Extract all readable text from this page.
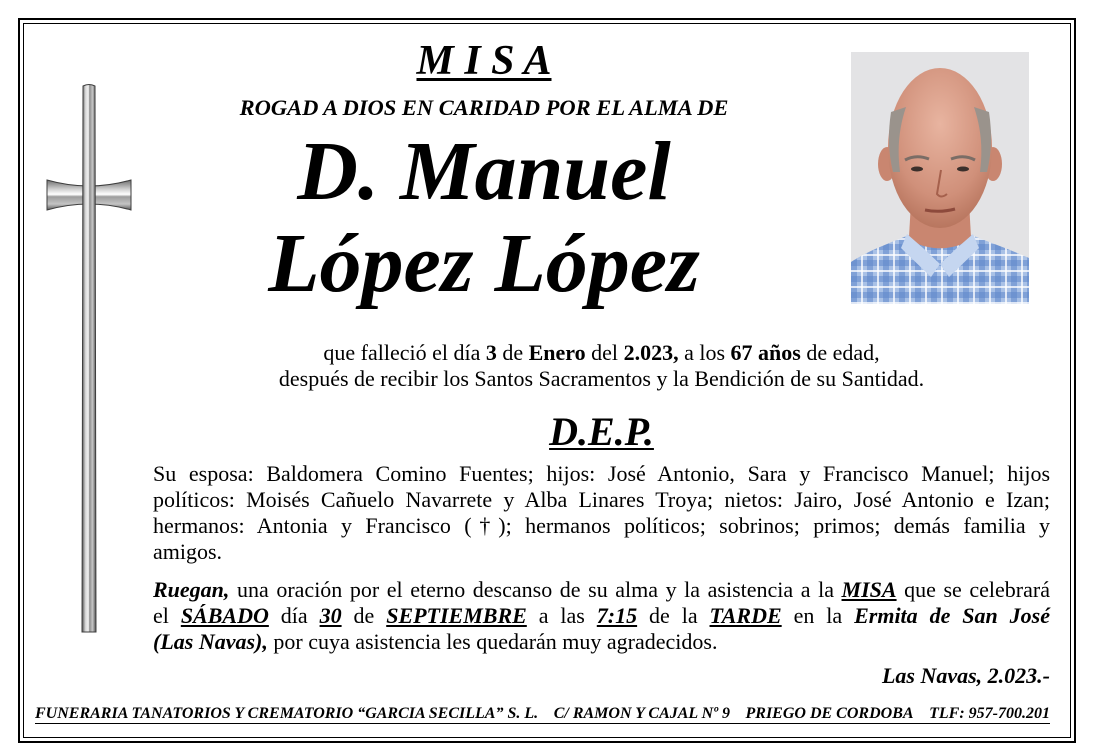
M I S A
ROGAD A DIOS EN CARIDAD POR EL ALMA DE
D. Manuel
López López
que falleció el día 3 de Enero del 2.023, a los 67 años de edad,
después de recibir los Santos Sacramentos y la Bendición de su Santidad.
D.E.P.
Su esposa: Baldomera Comino Fuentes; hijos: José Antonio, Sara y Francisco Manuel; hijos
políticos: Moisés Cañuelo Navarrete y Alba Linares Troya; nietos: Jairo, José Antonio e Izan;
hermanos: Antonia y Francisco (†); hermanos políticos; sobrinos; primos; demás familia y
amigos.
Ruegan, una oración por el eterno descanso de su alma y la asistencia a la MISA que se celebrará
el SÁBADO día 30 de SEPTIEMBRE a las 7:15 de la TARDE en la Ermita de San José
(Las Navas), por cuya asistencia les quedarán muy agradecidos.
Las Navas, 2.023.-
FUNERARIA TANATORIOS Y CREMATORIO “GARCIA SECILLA” S. L. C/ RAMON Y CAJAL Nº 9 PRIEGO DE CORDOBA TLF: 957-700.201
